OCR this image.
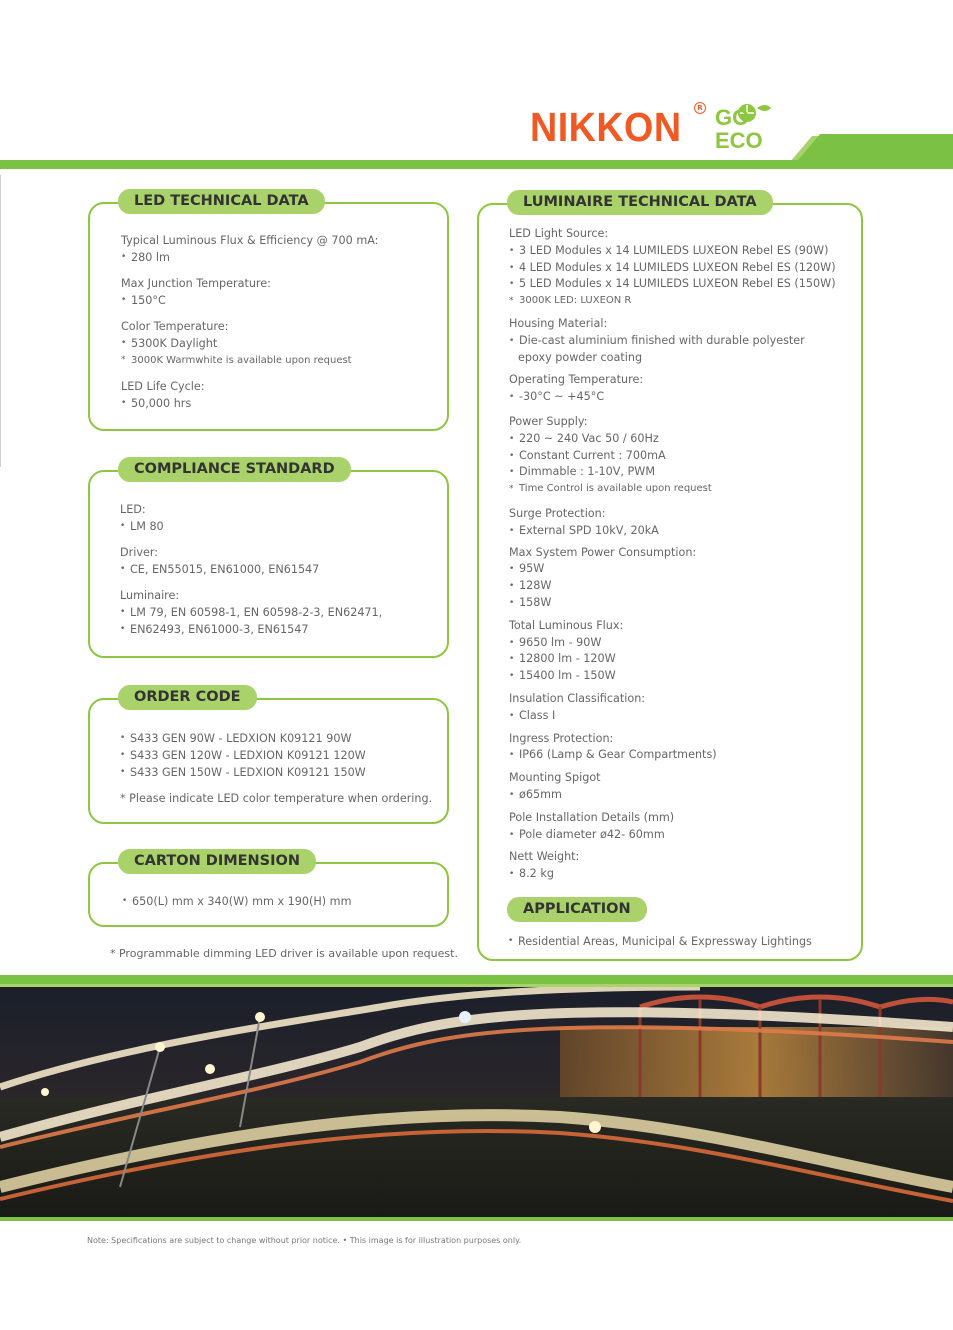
NIKKON	R GO
ECO
LED TECHNICAL DATA
Typical Luminous Flux & Efficiency @ 700 mA:
• 280 lm
Max Junction Temperature:
• 150°C
Color Temperature:
• 5300K Daylight
* 3000K Warmwhite is available upon request
LED Life Cycle:
• 50,000 hrs
COMPLIANCE STANDARD
LED:
• LM 80
Driver:
• CE, EN55015, EN61000, EN61547
Luminaire:
• LM 79, EN 60598-1, EN 60598-2-3, EN62471,
• EN62493, EN61000-3, EN61547
ORDER CODE
• S433 GEN 90W - LEDXION K09121 90W
• S433 GEN 120W - LEDXION K09121 120W
• S433 GEN 150W - LEDXION K09121 150W
* Please indicate LED color temperature when ordering.
CARTON DIMENSION
• 650(L) mm x 340(W) mm x 190(H) mm
* Programmable dimming LED driver is available upon request.
LUMINAIRE TECHNICAL DATA
LED Light Source:
• 3 LED Modules x 14 LUMILEDS LUXEON Rebel ES (90W)
• 4 LED Modules x 14 LUMILEDS LUXEON Rebel ES (120W)
• 5 LED Modules x 14 LUMILEDS LUXEON Rebel ES (150W)
* 3000K LED: LUXEON R
Housing Material:
• Die-cast aluminium finished with durable polyester
epoxy powder coating
Operating Temperature:
• -30°C ~ +45°C
Power Supply:
• 220 ~ 240 Vac 50 / 60Hz
• Constant Current : 700mA
• Dimmable : 1-10V, PWM
* Time Control is available upon request
Surge Protection:
• External SPD 10kV, 20kA
Max System Power Consumption:
• 95W
• 128W
• 158W
Total Luminous Flux:
• 9650 lm - 90W
• 12800 lm - 120W
• 15400 lm - 150W
Insulation Classification:
• Class I
Ingress Protection:
• IP66 (Lamp & Gear Compartments)
Mounting Spigot
• ø65mm
Pole Installation Details (mm)
• Pole diameter ø42- 60mm
Nett Weight:
• 8.2 kg
APPLICATION
• Residential Areas, Municipal & Expressway Lightings
Note: Specifications are subject to change without prior notice. • This image is for illustration purposes only.
